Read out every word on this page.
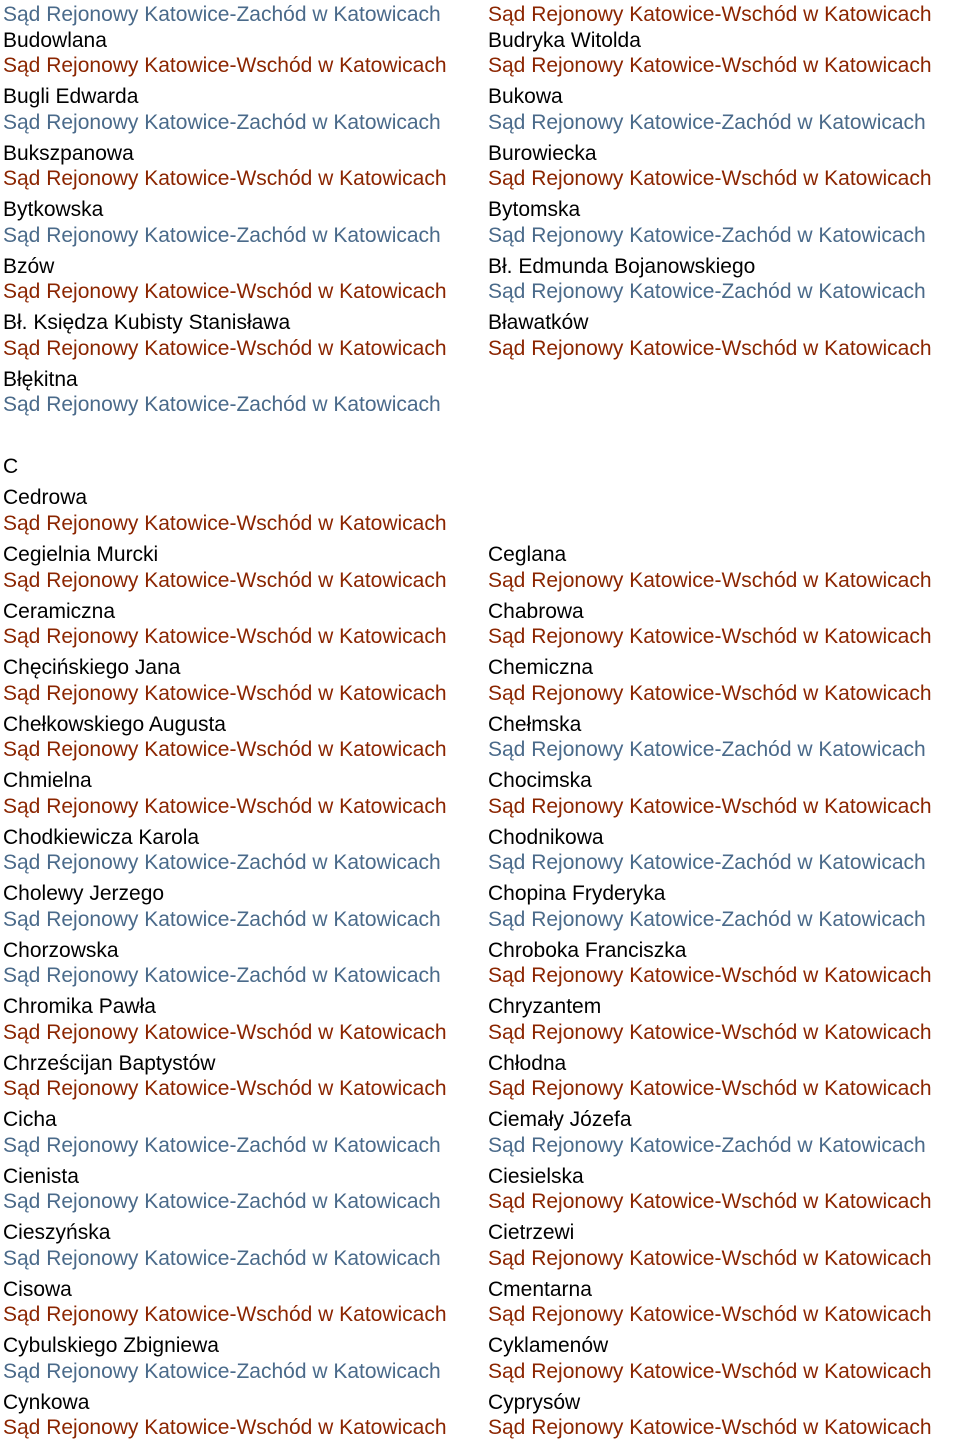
Sąd Rejonowy Katowice-Zachód w Katowicach
Budowlana
Sąd Rejonowy Katowice-Wschód w Katowicach
Bugli Edwarda
Sąd Rejonowy Katowice-Zachód w Katowicach
Bukszpanowa
Sąd Rejonowy Katowice-Wschód w Katowicach
Bytkowska
Sąd Rejonowy Katowice-Zachód w Katowicach
Bzów
Sąd Rejonowy Katowice-Wschód w Katowicach
Bł. Księdza Kubisty Stanisława
Sąd Rejonowy Katowice-Wschód w Katowicach
Błękitna
Sąd Rejonowy Katowice-Zachód w Katowicach
Sąd Rejonowy Katowice-Wschód w Katowicach
Budryka Witolda
Sąd Rejonowy Katowice-Wschód w Katowicach
Bukowa
Sąd Rejonowy Katowice-Zachód w Katowicach
Burowiecka
Sąd Rejonowy Katowice-Wschód w Katowicach
Bytomska
Sąd Rejonowy Katowice-Zachód w Katowicach
Bł. Edmunda Bojanowskiego
Sąd Rejonowy Katowice-Zachód w Katowicach
Bławatków
Sąd Rejonowy Katowice-Wschód w Katowicach
C
Cedrowa
Sąd Rejonowy Katowice-Wschód w Katowicach
Cegielnia Murcki
Sąd Rejonowy Katowice-Wschód w Katowicach
Ceramiczna
Sąd Rejonowy Katowice-Wschód w Katowicach
Chęcińskiego Jana
Sąd Rejonowy Katowice-Wschód w Katowicach
Chełkowskiego Augusta
Sąd Rejonowy Katowice-Wschód w Katowicach
Chmielna
Sąd Rejonowy Katowice-Wschód w Katowicach
Chodkiewicza Karola
Sąd Rejonowy Katowice-Zachód w Katowicach
Cholewy Jerzego
Sąd Rejonowy Katowice-Zachód w Katowicach
Chorzowska
Sąd Rejonowy Katowice-Zachód w Katowicach
Chromika Pawła
Sąd Rejonowy Katowice-Wschód w Katowicach
Chrześcijan Baptystów
Sąd Rejonowy Katowice-Wschód w Katowicach
Cicha
Sąd Rejonowy Katowice-Zachód w Katowicach
Cienista
Sąd Rejonowy Katowice-Zachód w Katowicach
Cieszyńska
Sąd Rejonowy Katowice-Zachód w Katowicach
Cisowa
Sąd Rejonowy Katowice-Wschód w Katowicach
Cybulskiego Zbigniewa
Sąd Rejonowy Katowice-Zachód w Katowicach
Cynkowa
Sąd Rejonowy Katowice-Wschód w Katowicach
Ceglana
Sąd Rejonowy Katowice-Wschód w Katowicach
Chabrowa
Sąd Rejonowy Katowice-Wschód w Katowicach
Chemiczna
Sąd Rejonowy Katowice-Wschód w Katowicach
Chełmska
Sąd Rejonowy Katowice-Zachód w Katowicach
Chocimska
Sąd Rejonowy Katowice-Wschód w Katowicach
Chodnikowa
Sąd Rejonowy Katowice-Zachód w Katowicach
Chopina Fryderyka
Sąd Rejonowy Katowice-Zachód w Katowicach
Chroboka Franciszka
Sąd Rejonowy Katowice-Wschód w Katowicach
Chryzantem
Sąd Rejonowy Katowice-Wschód w Katowicach
Chłodna
Sąd Rejonowy Katowice-Wschód w Katowicach
Ciemały Józefa
Sąd Rejonowy Katowice-Zachód w Katowicach
Ciesielska
Sąd Rejonowy Katowice-Wschód w Katowicach
Cietrzewi
Sąd Rejonowy Katowice-Wschód w Katowicach
Cmentarna
Sąd Rejonowy Katowice-Wschód w Katowicach
Cyklamenów
Sąd Rejonowy Katowice-Wschód w Katowicach
Cyprysów
Sąd Rejonowy Katowice-Wschód w Katowicach
